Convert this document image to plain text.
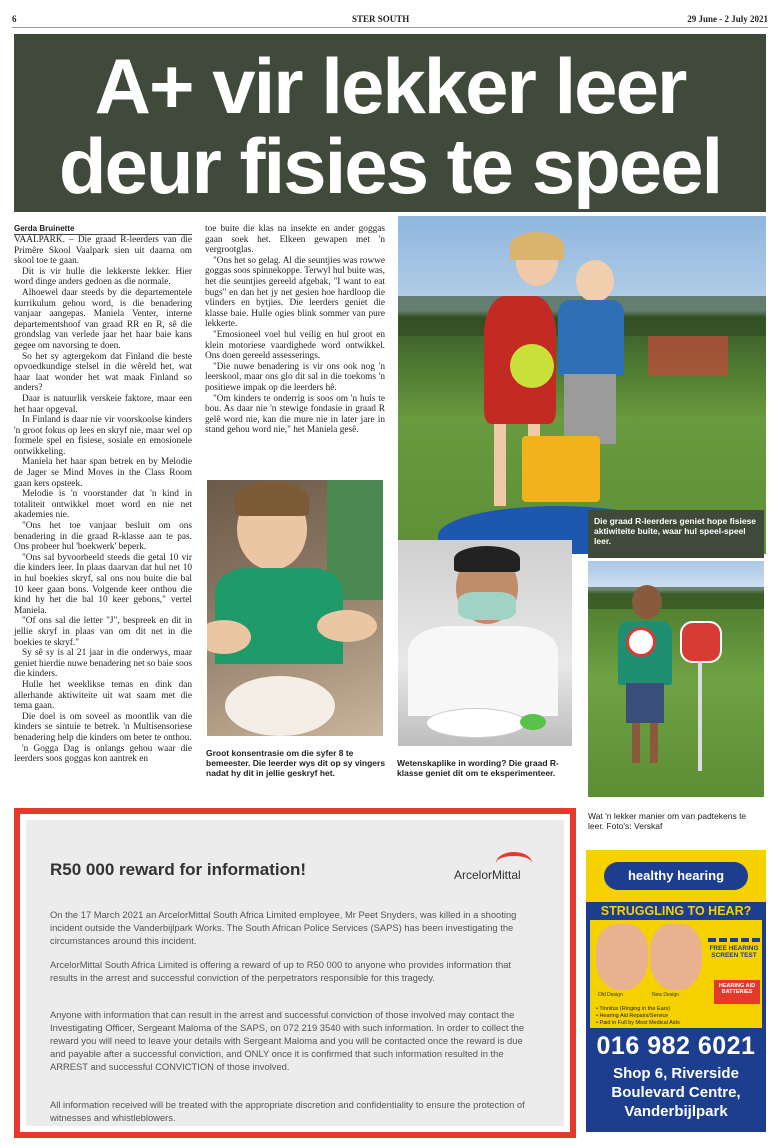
6	STER SOUTH	29 June - 2 July 2021
A+ vir lekker leer
deur fisies te speel
Gerda Bruinette

VAALPARK. – Die graad R-leerders van die Primêre Skool Vaalpark sien uit daarna om skool toe te gaan.

Dit is vir hulle die lekkerste lekker. Hier word dinge anders gedoen as die normale.

Alhoewel daar steeds by die departementele kurrikulum gehou word, is die benadering vanjaar aangepas. Maniela Venter, interne departementshoof van graad RR en R, sê die grondslag van verlede jaar het haar baie kans gegee om navorsing te doen.

So het sy agtergekom dat Finland die beste opvoedkundige stelsel in die wêreld het, wat haar laat wonder het wat maak Finland so anders?

Daar is natuurlik verskeie faktore, maar een het haar opgeval.

In Finland is daar nie vir voorskoolse kinders 'n groot fokus op lees en skryf nie, maar wel op formele spel en fisiese, sosiale en emosionele ontwikkeling.

Maniela het haar span betrek en by Melodie de Jager se Mind Moves in the Class Room gaan kers opsteek.

Melodie is 'n voorstander dat 'n kind in totaliteit ontwikkel moet word en nie net akademies nie.

"Ons het toe vanjaar besluit om ons benadering in die graad R-klasse aan te pas. Ons probeer hul 'boekwerk' beperk.

"Ons sal byvoorbeeld steeds die getal 10 vir die kinders leer. In plaas daarvan dat hul net 10 in hul boekies skryf, sal ons nou buite die bal 10 keer gaan bons. Volgende keer onthou die kind hy het die bal 10 keer gebons," vertel Maniela.

"Of ons sal die letter "J", bespreek en dit in jellie skryf in plaas van om dit net in die boekies te skryf."

Sy sê sy is al 21 jaar in die onderwys, maar geniet hierdie nuwe benadering net so baie soos die kinders.

Hulle het weeklikse temas en dink dan allerhande aktiwiteite uit wat saam met die tema gaan.

Die doel is om soveel as moontlik van die kinders se sintuie te betrek. 'n Multisensoriese benadering help die kinders om beter te onthou.

'n Gogga Dag is onlangs gehou waar die leerders soos goggas kon aantrek en

toe buite die klas na insekte en ander goggas gaan soek het. Elkeen gewapen met 'n vergrootglas.

"Ons het so gelag. Al die seuntjies was rowwe goggas soos spinnekoppe. Terwyl hul buite was, het die seuntjies gereeld afgebak, "I want to eat bugs" en dan het jy net gesien hoe hardloop die vlinders en bytjies. Die leerders geniet die klasse baie. Hulle ogies blink sommer van pure lekkerte.

"Emosioneel voel hul veilig en hul groot en klein motoriese vaardighede word ontwikkel. Ons doen gereeld assesserings.

"Die nuwe benadering is vir ons ook nog 'n leerskool, maar ons glo dit sal in die toekoms 'n positiewe impak op die leerders hê.

"Om kinders te onderrig is soos om 'n huis te bou. As daar nie 'n stewige fondasie in graad R gelê word nie, kan die mure nie in later jare in stand gehou word nie," het Maniela gesê.

Die graad R-leerders geniet hope fisiese aktiwiteite buite, waar hul speel-speel leer.
Groot konsentrasie om die syfer 8 te bemeester. Die leerder wys dit op sy vingers nadat hy dit in jellie geskryf het.
Wetenskaplike in wording? Die graad R-klasse geniet dit om te eksperimenteer.
Wat 'n lekker manier om van padtekens te leer. Foto's: Verskaf
R50 000 reward for information!	ArcelorMittal
On the 17 March 2021 an ArcelorMittal South Africa Limited employee, Mr Peet Snyders, was killed in a shooting incident outside the Vanderbijlpark Works. The South African Police Services (SAPS) has been investigating the circumstances around this incident.
ArcelorMittal South Africa Limited is offering a reward of up to R50 000 to anyone who provides information that results in the arrest and successful conviction of the perpetrators responsible for this tragedy.
Anyone with information that can result in the arrest and successful conviction of those involved may contact the Investigating Officer, Sergeant Maloma of the SAPS, on 072 219 3540 with such information. In order to collect the reward you will need to leave your details with Sergeant Maloma and you will be contacted once the reward is due and payable after a successful conviction, and ONLY once it is confirmed that such information resulted in the ARREST and successful CONVICTION of those involved.
All information received will be treated with the appropriate discretion and confidentiality to ensure the protection of witnesses and whistleblowers.
healthy hearing
STRUGGLING TO HEAR?
Old Design	New Design
FREE HEARING SCREEN TEST
HEARING AID BATTERIES
• Tinnitus (Ringing in the Ears)
• Hearing Aid Repairs/Service
• Paid in Full by Most Medical Aids
016 982 6021
Shop 6, Riverside
Boulevard Centre,
Vanderbijlpark
